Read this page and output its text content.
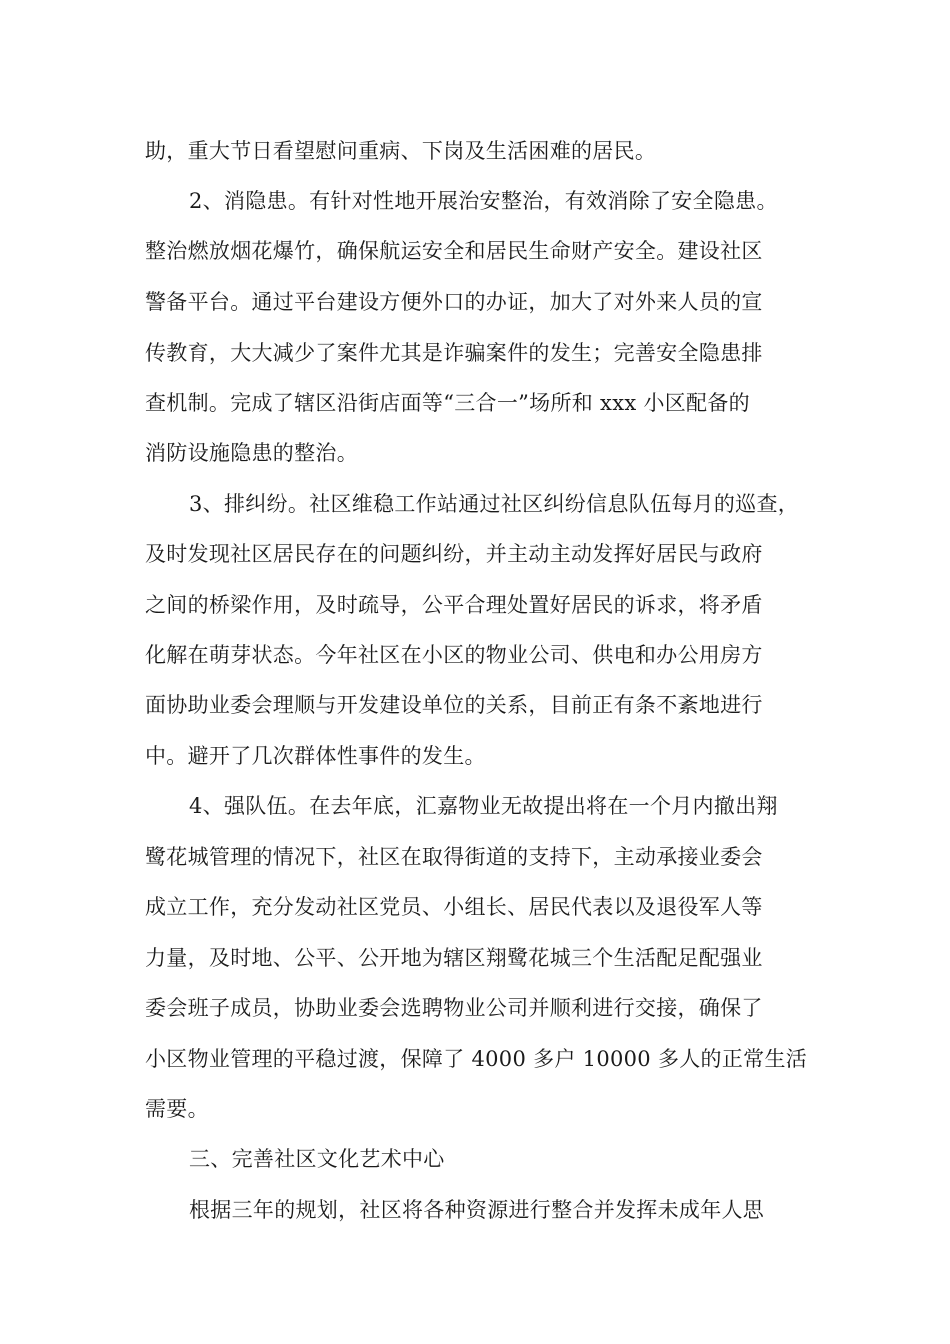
助，重大节日看望慰问重病、下岗及生活困难的居民。

2、消隐患。有针对性地开展治安整治，有效消除了安全隐患。

整治燃放烟花爆竹，确保航运安全和居民生命财产安全。建设社区

警备平台。通过平台建设方便外口的办证，加大了对外来人员的宣

传教育，大大减少了案件尤其是诈骗案件的发生；完善安全隐患排

查机制。完成了辖区沿街店面等“三合一”场所和 xxx 小区配备的

消防设施隐患的整治。

3、排纠纷。社区维稳工作站通过社区纠纷信息队伍每月的巡查，

及时发现社区居民存在的问题纠纷，并主动主动发挥好居民与政府

之间的桥梁作用，及时疏导，公平合理处置好居民的诉求，将矛盾

化解在萌芽状态。今年社区在小区的物业公司、供电和办公用房方

面协助业委会理顺与开发建设单位的关系，目前正有条不紊地进行

中。避开了几次群体性事件的发生。

4、强队伍。在去年底，汇嘉物业无故提出将在一个月内撤出翔

鹭花城管理的情况下，社区在取得街道的支持下，主动承接业委会

成立工作，充分发动社区党员、小组长、居民代表以及退役军人等

力量，及时地、公平、公开地为辖区翔鹭花城三个生活配足配强业

委会班子成员，协助业委会选聘物业公司并顺利进行交接，确保了

小区物业管理的平稳过渡，保障了 4000 多户 10000 多人的正常生活

需要。

三、完善社区文化艺术中心

根据三年的规划，社区将各种资源进行整合并发挥未成年人思
